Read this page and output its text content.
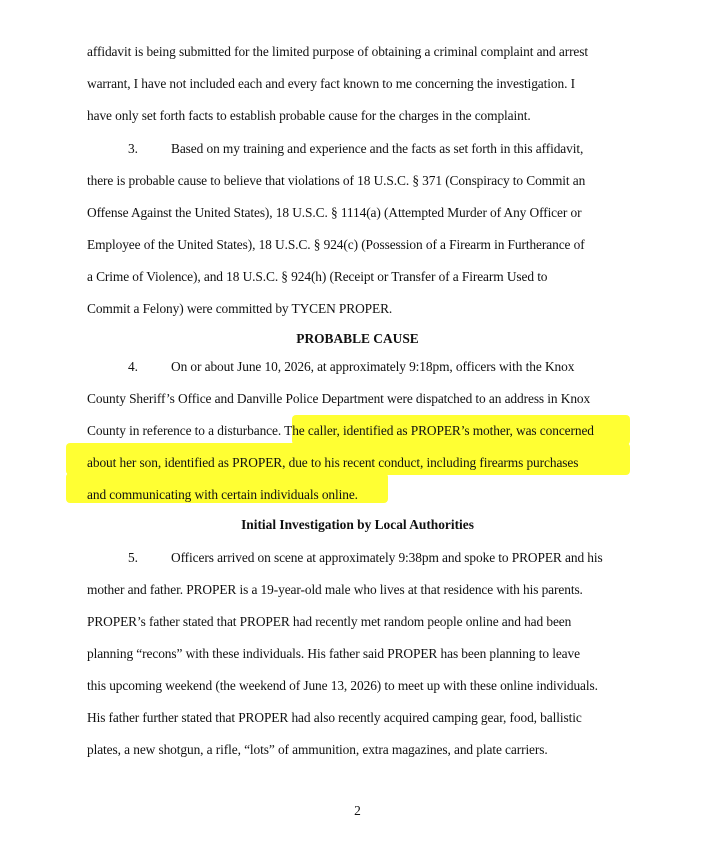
affidavit is being submitted for the limited purpose of obtaining a criminal complaint and arrest
warrant, I have not included each and every fact known to me concerning the investigation. I
have only set forth facts to establish probable cause for the charges in the complaint.
3. Based on my training and experience and the facts as set forth in this affidavit,
there is probable cause to believe that violations of 18 U.S.C. § 371 (Conspiracy to Commit an
Offense Against the United States), 18 U.S.C. § 1114(a) (Attempted Murder of Any Officer or
Employee of the United States), 18 U.S.C. § 924(c) (Possession of a Firearm in Furtherance of
a Crime of Violence), and 18 U.S.C. § 924(h) (Receipt or Transfer of a Firearm Used to
Commit a Felony) were committed by TYCEN PROPER.
PROBABLE CAUSE
4. On or about June 10, 2026, at approximately 9:18pm, officers with the Knox
County Sheriff’s Office and Danville Police Department were dispatched to an address in Knox
County in reference to a disturbance. The caller, identified as PROPER’s mother, was concerned
about her son, identified as PROPER, due to his recent conduct, including firearms purchases
and communicating with certain individuals online.
Initial Investigation by Local Authorities
5. Officers arrived on scene at approximately 9:38pm and spoke to PROPER and his
mother and father. PROPER is a 19-year-old male who lives at that residence with his parents.
PROPER’s father stated that PROPER had recently met random people online and had been
planning “recons” with these individuals. His father said PROPER has been planning to leave
this upcoming weekend (the weekend of June 13, 2026) to meet up with these online individuals.
His father further stated that PROPER had also recently acquired camping gear, food, ballistic
plates, a new shotgun, a rifle, “lots” of ammunition, extra magazines, and plate carriers.
2
